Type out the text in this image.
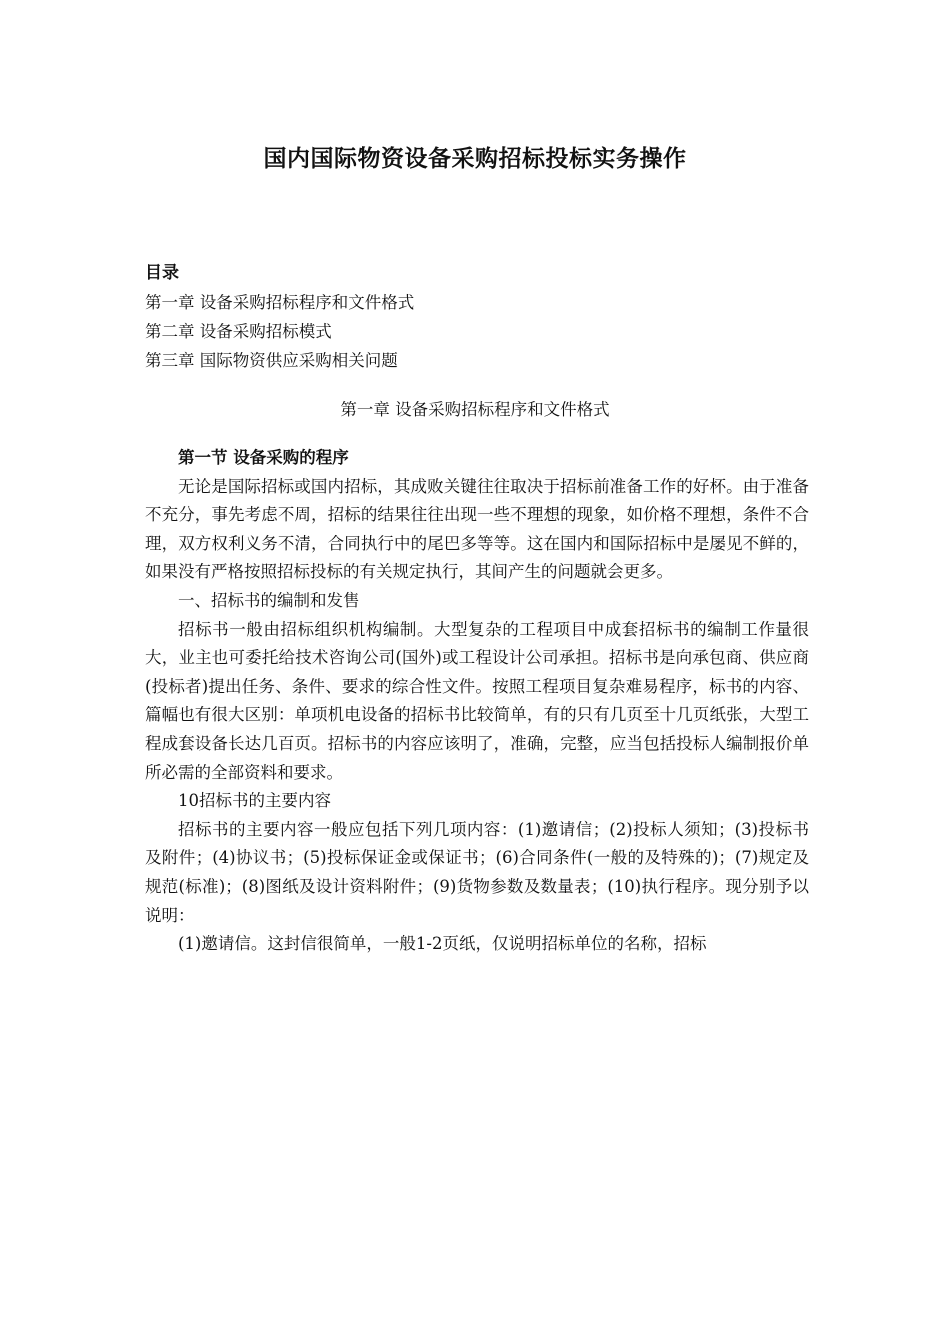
国内国际物资设备采购招标投标实务操作
目录
第一章 设备采购招标程序和文件格式
第二章 设备采购招标模式
第三章 国际物资供应采购相关问题
第一章 设备采购招标程序和文件格式
第一节 设备采购的程序

无论是国际招标或国内招标，其成败关键往往取决于招标前准备工作的好杯。由于准备不充分，事先考虑不周，招标的结果往往出现一些不理想的现象，如价格不理想，条件不合理，双方权利义务不清，合同执行中的尾巴多等等。这在国内和国际招标中是屡见不鲜的，如果没有严格按照招标投标的有关规定执行，其间产生的问题就会更多。

一、招标书的编制和发售

招标书一般由招标组织机构编制。大型复杂的工程项目中成套招标书的编制工作量很大，业主也可委托给技术咨询公司(国外)或工程设计公司承担。招标书是向承包商、供应商(投标者)提出任务、条件、要求的综合性文件。按照工程项目复杂难易程序，标书的内容、篇幅也有很大区别：单项机电设备的招标书比较简单，有的只有几页至十几页纸张，大型工程成套设备长达几百页。招标书的内容应该明了，准确，完整，应当包括投标人编制报价单所必需的全部资料和要求。

10招标书的主要内容

招标书的主要内容一般应包括下列几项内容：(1)邀请信；(2)投标人须知；(3)投标书及附件；(4)协议书；(5)投标保证金或保证书；(6)合同条件(一般的及特殊的)；(7)规定及规范(标准)；(8)图纸及设计资料附件；(9)货物参数及数量表；(10)执行程序。现分别予以说明：

(1)邀请信。这封信很简单，一般1-2页纸，仅说明招标单位的名称，招标
